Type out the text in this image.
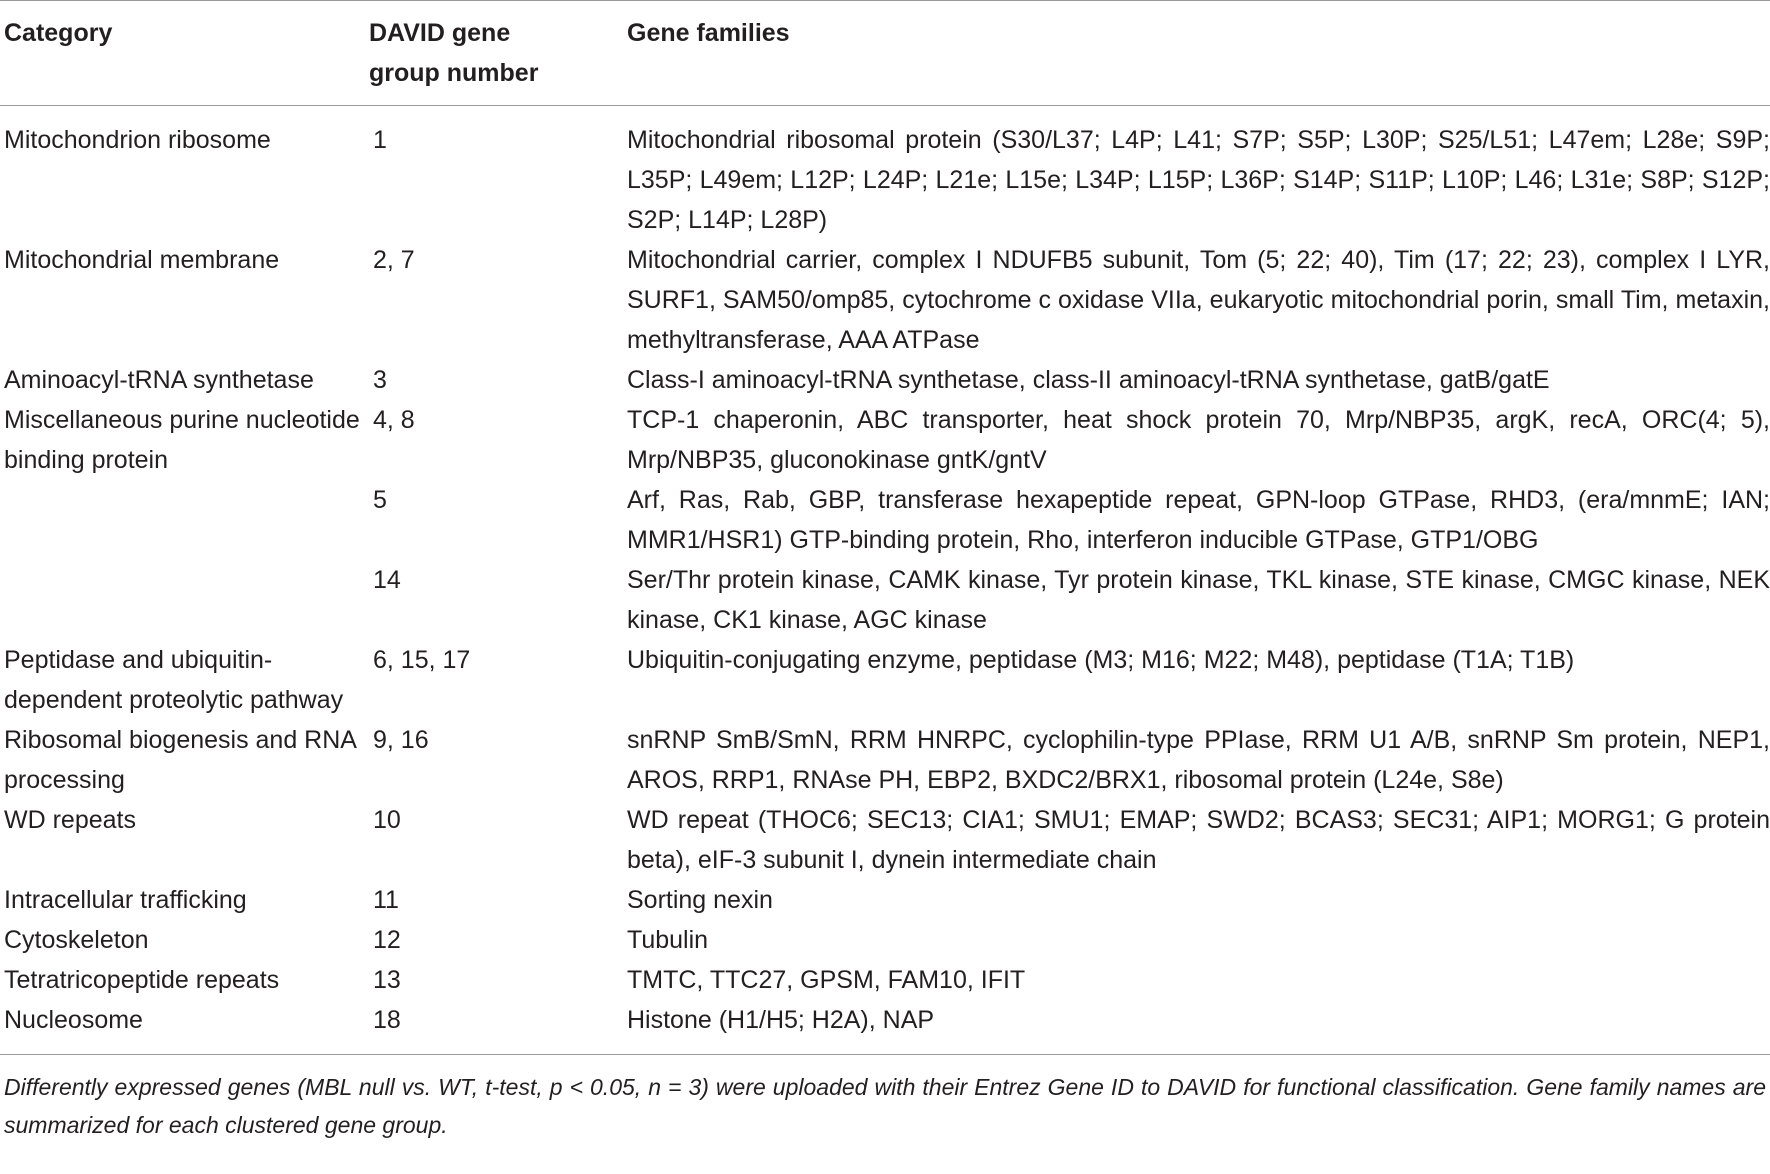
Category	DAVID gene group number	Gene families
Mitochondrion ribosome	1	Mitochondrial ribosomal protein (S30/L37; L4P; L41; S7P; S5P; L30P; S25/L51; L47em; L28e; S9P; L35P; L49em; L12P; L24P; L21e; L15e; L34P; L15P; L36P; S14P; S11P; L10P; L46; L31e; S8P; S12P; S2P; L14P; L28P)
Mitochondrial membrane	2, 7	Mitochondrial carrier, complex I NDUFB5 subunit, Tom (5; 22; 40), Tim (17; 22; 23), complex I LYR, SURF1, SAM50/omp85, cytochrome c oxidase VIIa, eukaryotic mitochondrial porin, small Tim, metaxin, methyltransferase, AAA ATPase
Aminoacyl-tRNA synthetase	3	Class-I aminoacyl-tRNA synthetase, class-II aminoacyl-tRNA synthetase, gatB/gatE
Miscellaneous purine nucleotide binding protein	4, 8	TCP-1 chaperonin, ABC transporter, heat shock protein 70, Mrp/NBP35, argK, recA, ORC(4; 5), Mrp/NBP35, gluconokinase gntK/gntV
	5	Arf, Ras, Rab, GBP, transferase hexapeptide repeat, GPN-loop GTPase, RHD3, (era/mnmE; IAN; MMR1/HSR1) GTP-binding protein, Rho, interferon inducible GTPase, GTP1/OBG
	14	Ser/Thr protein kinase, CAMK kinase, Tyr protein kinase, TKL kinase, STE kinase, CMGC kinase, NEK kinase, CK1 kinase, AGC kinase
Peptidase and ubiquitin-dependent proteolytic pathway	6, 15, 17	Ubiquitin-conjugating enzyme, peptidase (M3; M16; M22; M48), peptidase (T1A; T1B)
Ribosomal biogenesis and RNA processing	9, 16	snRNP SmB/SmN, RRM HNRPC, cyclophilin-type PPIase, RRM U1 A/B, snRNP Sm protein, NEP1, AROS, RRP1, RNAse PH, EBP2, BXDC2/BRX1, ribosomal protein (L24e, S8e)
WD repeats	10	WD repeat (THOC6; SEC13; CIA1; SMU1; EMAP; SWD2; BCAS3; SEC31; AIP1; MORG1; G protein beta), eIF-3 subunit I, dynein intermediate chain
Intracellular trafficking	11	Sorting nexin
Cytoskeleton	12	Tubulin
Tetratricopeptide repeats	13	TMTC, TTC27, GPSM, FAM10, IFIT
Nucleosome	18	Histone (H1/H5; H2A), NAP
Differently expressed genes (MBL null vs. WT, t-test, p < 0.05, n = 3) were uploaded with their Entrez Gene ID to DAVID for functional classification. Gene family names are summarized for each clustered gene group.
